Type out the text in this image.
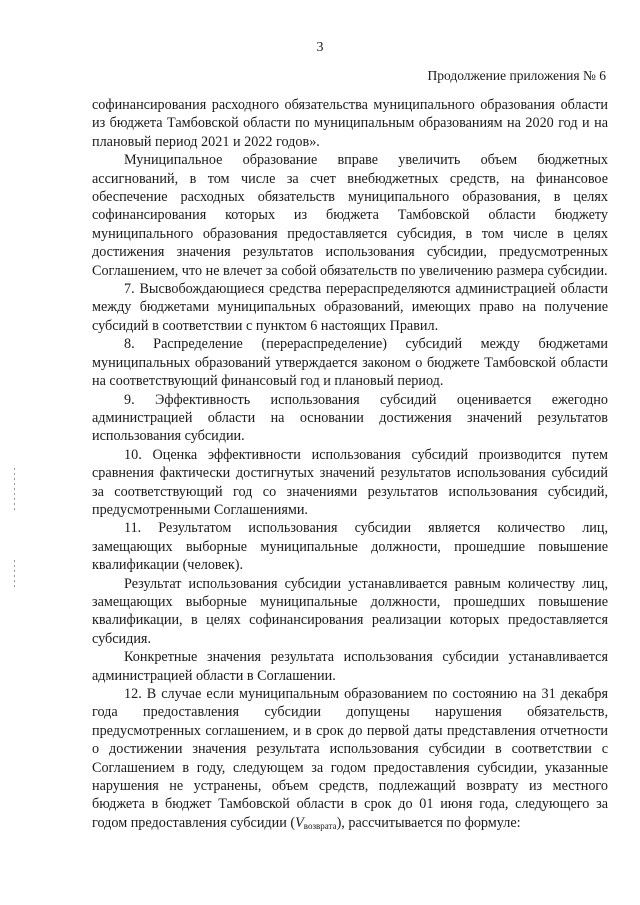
3
Продолжение приложения № 6

софинансирования расходного обязательства муниципального образования области из бюджета Тамбовской области по муниципальным образованиям на 2020 год и на плановый период 2021 и 2022 годов».

Муниципальное образование вправе увеличить объем бюджетных ассигнований, в том числе за счет внебюджетных средств, на финансовое обеспечение расходных обязательств муниципального образования, в целях софинансирования которых из бюджета Тамбовской области бюджету муниципального образования предоставляется субсидия, в том числе в целях достижения значения результатов использования субсидии, предусмотренных Соглашением, что не влечет за собой обязательств по увеличению размера субсидии.

7. Высвобождающиеся средства перераспределяются администрацией области между бюджетами муниципальных образований, имеющих право на получение субсидий в соответствии с пунктом 6 настоящих Правил.

8. Распределение (перераспределение) субсидий между бюджетами муниципальных образований утверждается законом о бюджете Тамбовской области на соответствующий финансовый год и плановый период.

9. Эффективность использования субсидий оценивается ежегодно администрацией области на основании достижения значений результатов использования субсидии.

10. Оценка эффективности использования субсидий производится путем сравнения фактически достигнутых значений результатов использования субсидий за соответствующий год со значениями результатов использования субсидий, предусмотренными Соглашениями.

11. Результатом использования субсидии является количество лиц, замещающих выборные муниципальные должности, прошедшие повышение квалификации (человек).

Результат использования субсидии устанавливается равным количеству лиц, замещающих выборные муниципальные должности, прошедших повышение квалификации, в целях софинансирования реализации которых предоставляется субсидия.

Конкретные значения результата использования субсидии устанавливается администрацией области в Соглашении.

12. В случае если муниципальным образованием по состоянию на 31 декабря года предоставления субсидии допущены нарушения обязательств, предусмотренных соглашением, и в срок до первой даты представления отчетности о достижении значения результата использования субсидии в соответствии с Соглашением в году, следующем за годом предоставления субсидии, указанные нарушения не устранены, объем средств, подлежащий возврату из местного бюджета в бюджет Тамбовской области в срок до 01 июня года, следующего за годом предоставления субсидии $(V_{возврата})$, рассчитывается по формуле:
